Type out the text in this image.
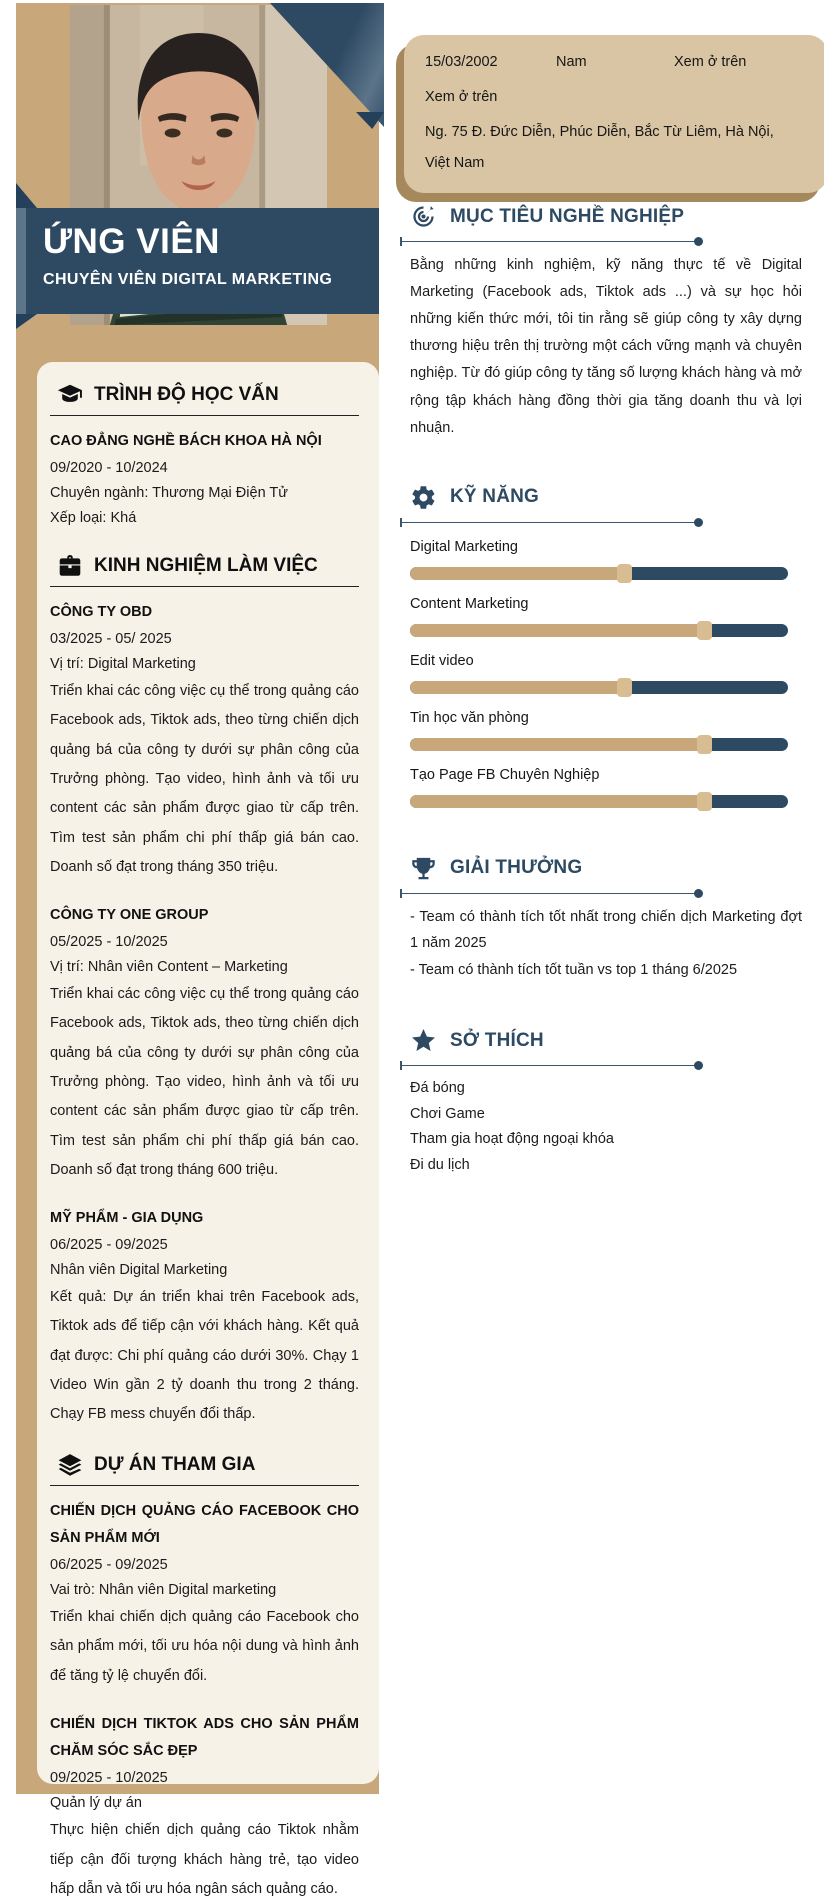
ỨNG VIÊN
CHUYÊN VIÊN DIGITAL MARKETING
TRÌNH ĐỘ HỌC VẤN
CAO ĐẲNG NGHỀ BÁCH KHOA HÀ NỘI
09/2020 - 10/2024
Chuyên ngành: Thương Mại Điện Tử
Xếp loại: Khá
KINH NGHIỆM LÀM VIỆC
CÔNG TY OBD
03/2025 - 05/ 2025
Vị trí: Digital Marketing
Triển khai các công việc cụ thể trong quảng cáo Facebook ads, Tiktok ads, theo từng chiến dịch quảng bá của công ty dưới sự phân công của Trưởng phòng. Tạo video, hình ảnh và tối ưu content các sản phẩm được giao từ cấp trên. Tìm test sản phẩm chi phí thấp giá bán cao. Doanh số đạt trong tháng 350 triệu.
CÔNG TY ONE GROUP
05/2025 - 10/2025
Vị trí: Nhân viên Content – Marketing
Triển khai các công việc cụ thể trong quảng cáo Facebook ads, Tiktok ads, theo từng chiến dịch quảng bá của công ty dưới sự phân công của Trưởng phòng. Tạo video, hình ảnh và tối ưu content các sản phẩm được giao từ cấp trên. Tìm test sản phẩm chi phí thấp giá bán cao. Doanh số đạt trong tháng 600 triệu.
MỸ PHẨM - GIA DỤNG
06/2025 - 09/2025
Nhân viên Digital Marketing
Kết quả: Dự án triển khai trên Facebook ads, Tiktok ads để tiếp cận với khách hàng. Kết quả đạt được: Chi phí quảng cáo dưới 30%. Chạy 1 Video Win gần 2 tỷ doanh thu trong 2 tháng. Chạy FB mess chuyển đổi thấp.
DỰ ÁN THAM GIA
CHIẾN DỊCH QUẢNG CÁO FACEBOOK CHO SẢN PHẨM MỚI
06/2025 - 09/2025
Vai trò: Nhân viên Digital marketing
Triển khai chiến dịch quảng cáo Facebook cho sản phẩm mới, tối ưu hóa nội dung và hình ảnh để tăng tỷ lệ chuyển đổi.
CHIẾN DỊCH TIKTOK ADS CHO SẢN PHẨM CHĂM SÓC SẮC ĐẸP
09/2025 - 10/2025
Quản lý dự án
Thực hiện chiến dịch quảng cáo Tiktok nhằm tiếp cận đối tượng khách hàng trẻ, tạo video hấp dẫn và tối ưu hóa ngân sách quảng cáo.
15/03/2002	Nam	Xem ở trên
Xem ở trên
Ng. 75 Đ. Đức Diễn, Phúc Diễn, Bắc Từ Liêm, Hà Nội, Việt Nam
MỤC TIÊU NGHỀ NGHIỆP
Bằng những kinh nghiệm, kỹ năng thực tế về Digital Marketing (Facebook ads, Tiktok ads ...) và sự học hỏi những kiến thức mới, tôi tin rằng sẽ giúp công ty xây dựng thương hiệu trên thị trường một cách vững mạnh và chuyên nghiệp. Từ đó giúp công ty tăng số lượng khách hàng và mở rộng tập khách hàng đồng thời gia tăng doanh thu và lợi nhuận.
KỸ NĂNG
Digital Marketing
Content Marketing
Edit video
Tin học văn phòng
Tạo Page FB Chuyên Nghiệp
GIẢI THƯỞNG
- Team có thành tích tốt nhất trong chiến dịch Marketing đợt 1 năm 2025
- Team có thành tích tốt tuần vs top 1 tháng 6/2025
SỞ THÍCH
Đá bóng
Chơi Game
Tham gia hoạt động ngoại khóa
Đi du lịch
